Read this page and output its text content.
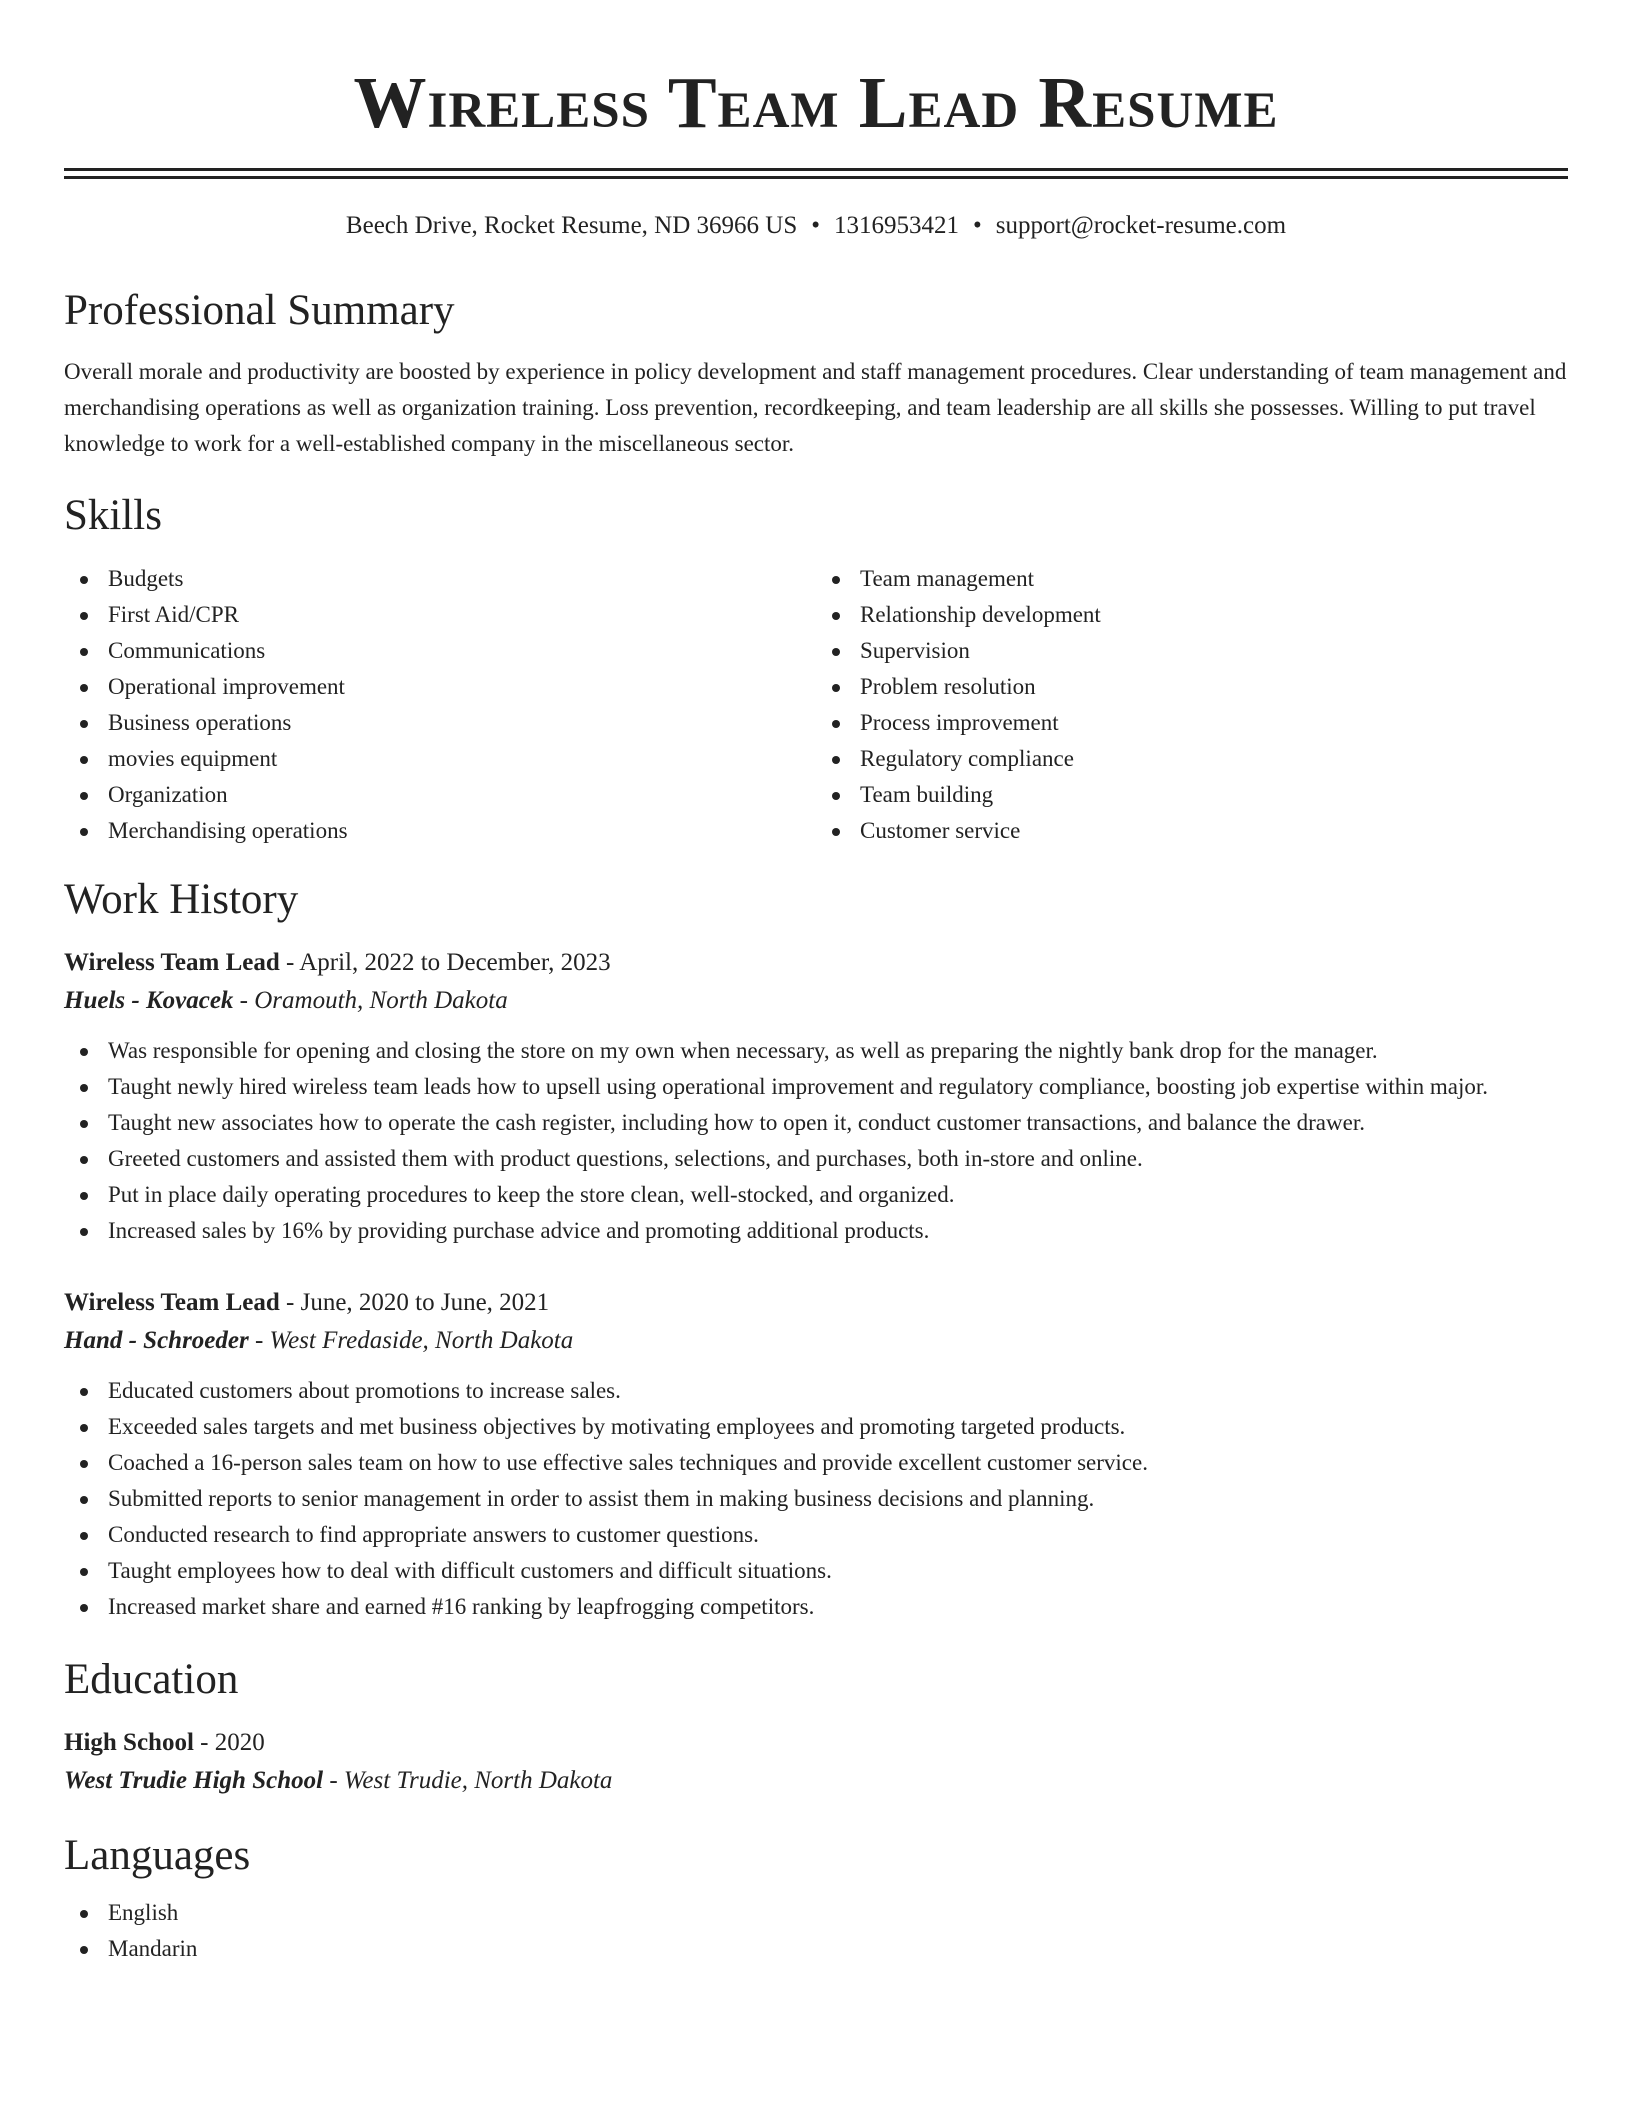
Wireless Team Lead Resume
Beech Drive, Rocket Resume, ND 36966 US • 1316953421 • support@rocket-resume.com
Professional Summary

Overall morale and productivity are boosted by experience in policy development and staff management procedures. Clear understanding of team management and merchandising operations as well as organization training. Loss prevention, recordkeeping, and team leadership are all skills she possesses. Willing to put travel knowledge to work for a well-established company in the miscellaneous sector.

Skills
Budgets
First Aid/CPR
Communications
Operational improvement
Business operations
movies equipment
Organization
Merchandising operations
Team management
Relationship development
Supervision
Problem resolution
Process improvement
Regulatory compliance
Team building
Customer service
Work History
Wireless Team Lead - April, 2022 to December, 2023
Huels - Kovacek - Oramouth, North Dakota
Was responsible for opening and closing the store on my own when necessary, as well as preparing the nightly bank drop for the manager.
Taught newly hired wireless team leads how to upsell using operational improvement and regulatory compliance, boosting job expertise within major.
Taught new associates how to operate the cash register, including how to open it, conduct customer transactions, and balance the drawer.
Greeted customers and assisted them with product questions, selections, and purchases, both in-store and online.
Put in place daily operating procedures to keep the store clean, well-stocked, and organized.
Increased sales by 16% by providing purchase advice and promoting additional products.
Wireless Team Lead - June, 2020 to June, 2021
Hand - Schroeder - West Fredaside, North Dakota
Educated customers about promotions to increase sales.
Exceeded sales targets and met business objectives by motivating employees and promoting targeted products.
Coached a 16-person sales team on how to use effective sales techniques and provide excellent customer service.
Submitted reports to senior management in order to assist them in making business decisions and planning.
Conducted research to find appropriate answers to customer questions.
Taught employees how to deal with difficult customers and difficult situations.
Increased market share and earned #16 ranking by leapfrogging competitors.
Education
High School - 2020
West Trudie High School - West Trudie, North Dakota
Languages
English
Mandarin
